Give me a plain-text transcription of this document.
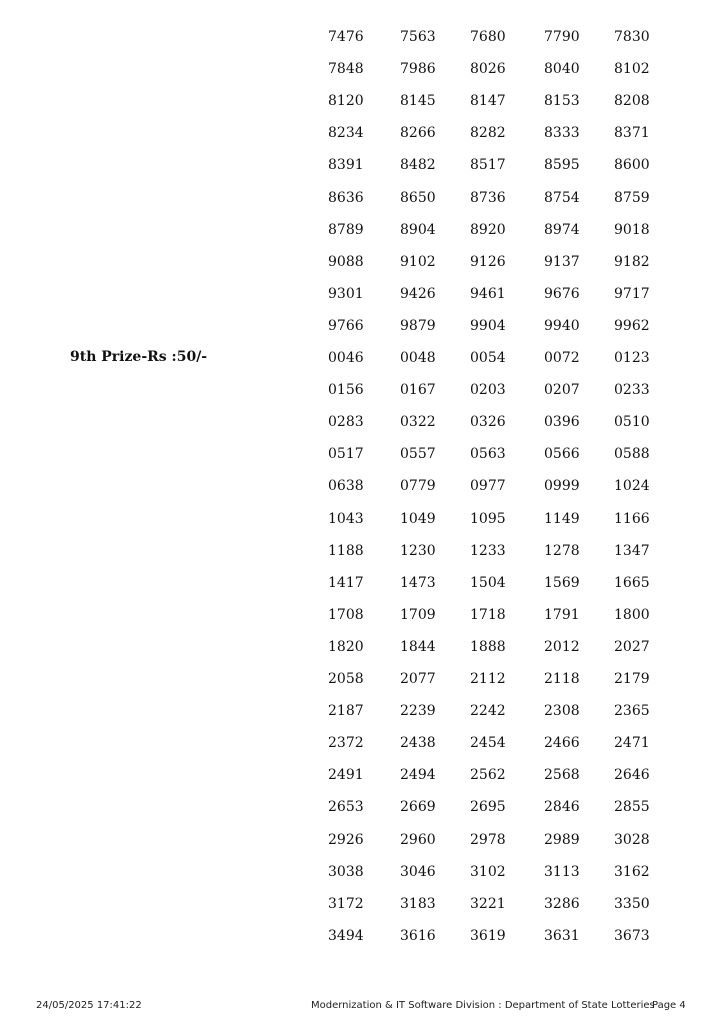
7476	7563 7680	7790 7830
7848	7986 8026	8040 8102
8120	8145 8147	8153 8208
8234	8266 8282	8333 8371
8391	8482 8517	8595 8600
8636	8650 8736	8754 8759
8789	8904 8920	8974 9018
9088	9102 9126	9137 9182
9301	9426 9461	9676 9717
9766	9879 9904	9940 9962
0046	0048 0054	0072 0123
0156	0167 0203	0207 0233
0283	0322 0326	0396 0510
0517	0557 0563	0566 0588
0638	0779 0977	0999 1024
1043	1049 1095	1149 1166
1188	1230 1233	1278 1347
1417	1473 1504	1569 1665
1708	1709 1718	1791 1800
1820	1844 1888	2012 2027
2058	2077 2112	2118 2179
2187	2239 2242	2308 2365
2372	2438 2454	2466 2471
2491	2494 2562	2568 2646
2653	2669 2695	2846 2855
2926	2960 2978	2989 3028
3038	3046 3102	3113 3162
3172	3183 3221	3286 3350
3494	3616 3619	3631 3673
9th Prize-Rs :50/-
24/05/2025 17:41:22	Modernization & IT Software Division : Department of State Lotteries
Page 4
